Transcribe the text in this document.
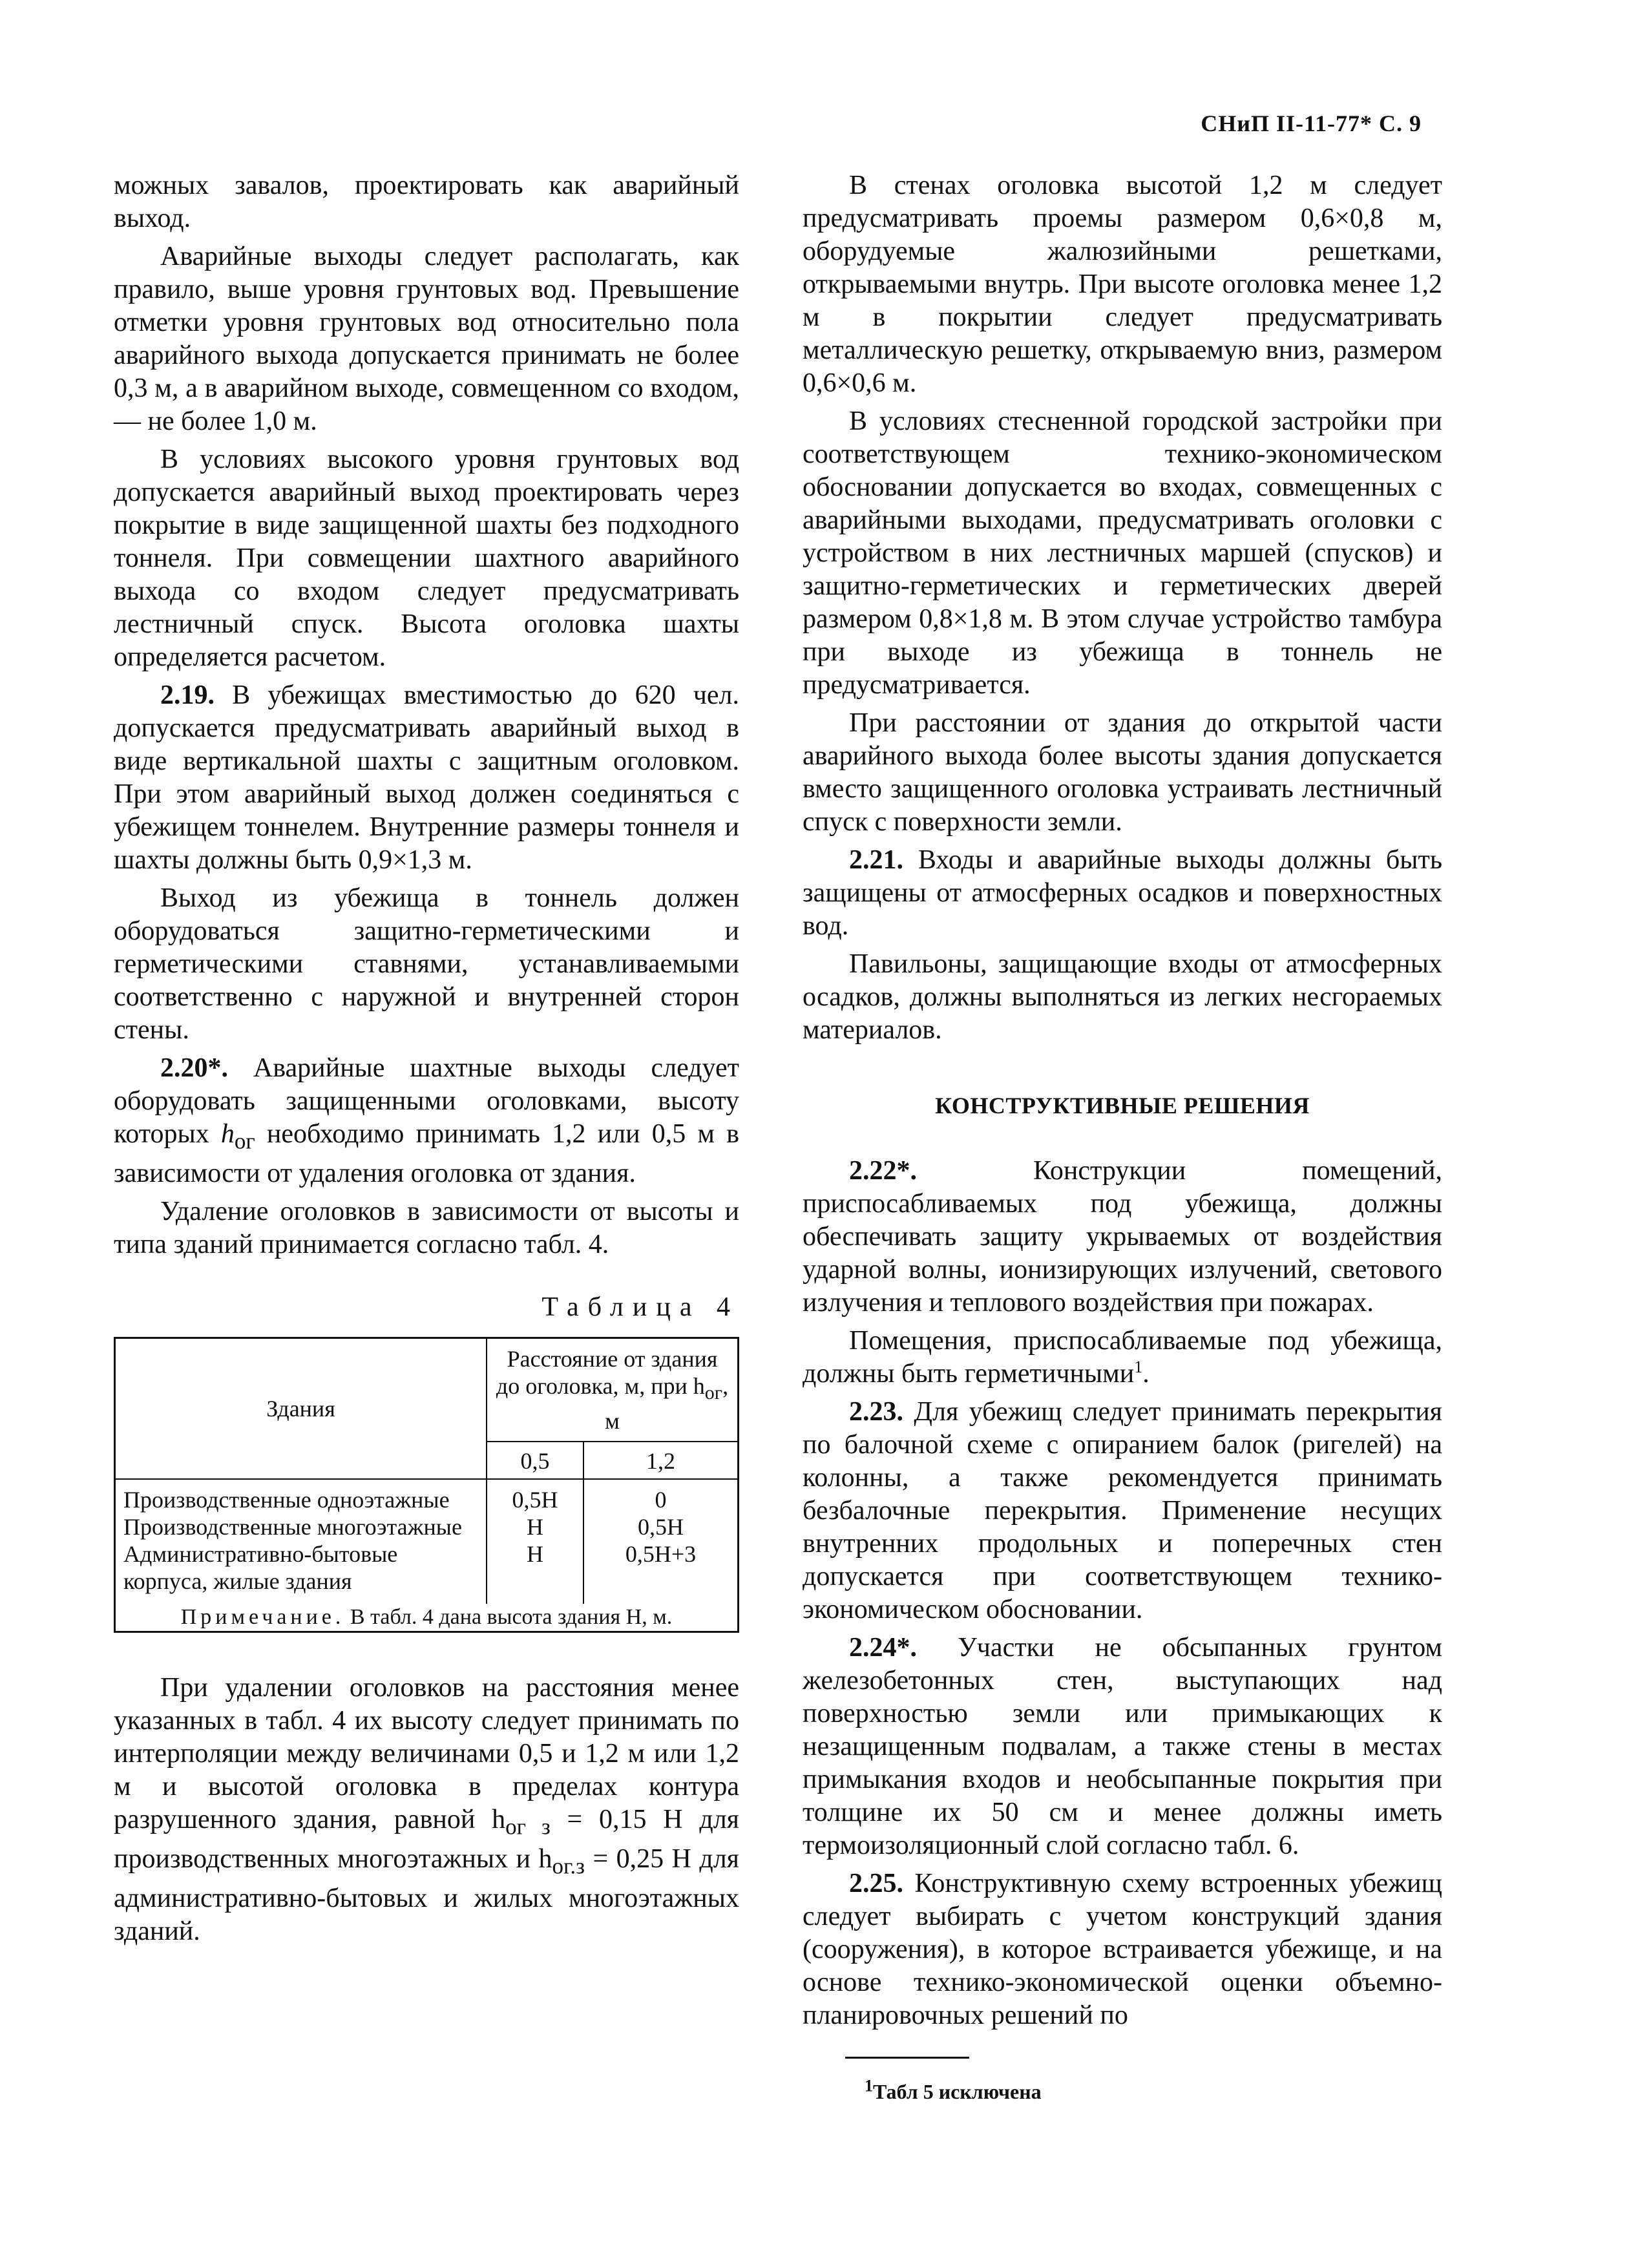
СНиП II-11-77* С. 9

можных завалов, проектировать как аварийный выход.

Аварийные выходы следует располагать, как правило, выше уровня грунтовых вод. Превышение отметки уровня грунтовых вод относительно пола аварийного выхода допускается принимать не более 0,3 м, а в аварийном выходе, совмещенном со входом, — не более 1,0 м.

В условиях высокого уровня грунтовых вод допускается аварийный выход проектировать через покрытие в виде защищенной шахты без подходного тоннеля. При совмещении шахтного аварийного выхода со входом следует предусматривать лестничный спуск. Высота оголовка шахты определяется расчетом.

2.19. В убежищах вместимостью до 620 чел. допускается предусматривать аварийный выход в виде вертикальной шахты с защитным оголовком. При этом аварийный выход должен соединяться с убежищем тоннелем. Внутренние размеры тоннеля и шахты должны быть 0,9×1,3 м.

Выход из убежища в тоннель должен оборудоваться защитно-герметическими и герметическими ставнями, устанавливаемыми соответственно с наружной и внутренней сторон стены.

2.20*. Аварийные шахтные выходы следует оборудовать защищенными оголовками, высоту которых $h_{ог}$ необходимо принимать 1,2 или 0,5 м в зависимости от удаления оголовка от здания.

Удаление оголовков в зависимости от высоты и типа зданий принимается согласно табл. 4.

Таблица 4
Здания	Расстояние от здания до оголовка, м, при $h_{ог}$, м	
	0,5	1,2
Производственные одноэтажные	0,5H	0
Производственные многоэтажные	H	0,5H
Административно-бытовые корпуса, жилые здания	H	0,5H+3
Примечание. В табл. 4 дана высота здания H, м.		

При удалении оголовков на расстояния менее указанных в табл. 4 их высоту следует принимать по интерполяции между величинами 0,5 и 1,2 м или 1,2 м и высотой оголовка в пределах контура разрушенного здания, равной $h_{ог з} = 0,15$ H для производственных многоэтажных и $h_{ог.з} = 0,25$ H для административно-бытовых и жилых многоэтажных зданий.

В стенах оголовка высотой 1,2 м следует предусматривать проемы размером 0,6×0,8 м, оборудуемые жалюзийными решетками, открываемыми внутрь. При высоте оголовка менее 1,2 м в покрытии следует предусматривать металлическую решетку, открываемую вниз, размером 0,6×0,6 м.

В условиях стесненной городской застройки при соответствующем технико-экономическом обосновании допускается во входах, совмещенных с аварийными выходами, предусматривать оголовки с устройством в них лестничных маршей (спусков) и защитно-герметических и герметических дверей размером 0,8×1,8 м. В этом случае устройство тамбура при выходе из убежища в тоннель не предусматривается.

При расстоянии от здания до открытой части аварийного выхода более высоты здания допускается вместо защищенного оголовка устраивать лестничный спуск с поверхности земли.

2.21. Входы и аварийные выходы должны быть защищены от атмосферных осадков и поверхностных вод.

Павильоны, защищающие входы от атмосферных осадков, должны выполняться из легких несгораемых материалов.

КОНСТРУКТИВНЫЕ РЕШЕНИЯ

2.22*. Конструкции помещений, приспосабливаемых под убежища, должны обеспечивать защиту укрываемых от воздействия ударной волны, ионизирующих излучений, светового излучения и теплового воздействия при пожарах.

Помещения, приспосабливаемые под убежища, должны быть герметичными$^1$.

2.23. Для убежищ следует принимать перекрытия по балочной схеме с опиранием балок (ригелей) на колонны, а также рекомендуется принимать безбалочные перекрытия. Применение несущих внутренних продольных и поперечных стен допускается при соответствующем технико-экономическом обосновании.

2.24*. Участки не обсыпанных грунтом железобетонных стен, выступающих над поверхностью земли или примыкающих к незащищенным подвалам, а также стены в местах примыкания входов и необсыпанные покрытия при толщине их 50 см и менее должны иметь термоизоляционный слой согласно табл. 6.

2.25. Конструктивную схему встроенных убежищ следует выбирать с учетом конструкций здания (сооружения), в которое встраивается убежище, и на основе технико-экономической оценки объемно-планировочных решений по

$^1$Табл 5 исключена
